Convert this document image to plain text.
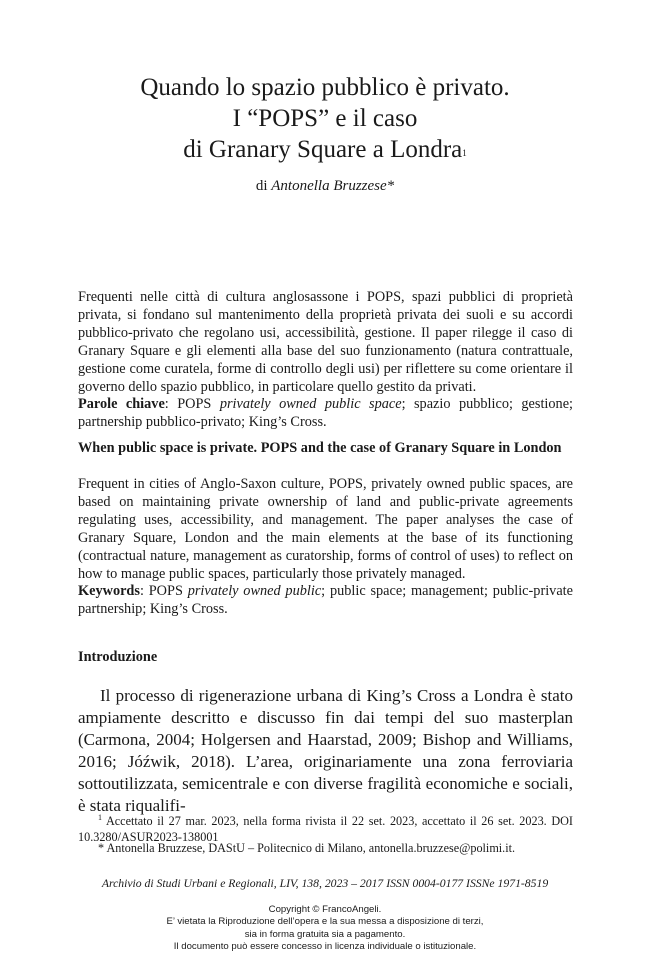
Quando lo spazio pubblico è privato.
I “POPS” e il caso
di Granary Square a Londra$^1$
di Antonella Bruzzese*
Frequenti nelle città di cultura anglosassone i POPS, spazi pubblici di proprietà privata, si fondano sul mantenimento della proprietà privata dei suoli e su accordi pubblico-privato che regolano usi, accessibilità, gestione. Il paper rilegge il caso di Granary Square e gli elementi alla base del suo funzionamento (natura contrattuale, gestione come curatela, forme di controllo degli usi) per riflettere su come orientare il governo dello spazio pubblico, in particolare quello gestito da privati.
Parole chiave: POPS privately owned public space; spazio pubblico; gestione; partnership pubblico-privato; King’s Cross.
When public space is private. POPS and the case of Granary Square in London
Frequent in cities of Anglo-Saxon culture, POPS, privately owned public spaces, are based on maintaining private ownership of land and public-private agreements regulating uses, accessibility, and management. The paper analyses the case of Granary Square, London and the main elements at the base of its functioning (contractual nature, management as curatorship, forms of control of uses) to reflect on how to manage public spaces, particularly those privately managed.
Keywords: POPS privately owned public; public space; management; public-private partnership; King’s Cross.
Introduzione
Il processo di rigenerazione urbana di King’s Cross a Londra è stato ampiamente descritto e discusso fin dai tempi del suo masterplan (Carmona, 2004; Holgersen and Haarstad, 2009; Bishop and Williams, 2016; Jóźwik, 2018). L’area, originariamente una zona ferroviaria sottoutilizzata, semicentrale e con diverse fragilità economiche e sociali, è stata riqualifi-
$^1$ Accettato il 27 mar. 2023, nella forma rivista il 22 set. 2023, accettato il 26 set. 2023. DOI 10.3280/ASUR2023-138001
* Antonella Bruzzese, DAStU – Politecnico di Milano, antonella.bruzzese@polimi.it.
Archivio di Studi Urbani e Regionali, LIV, 138, 2023 – 2017 ISSN 0004-0177 ISSNe 1971-8519
Copyright © FrancoAngeli.
E’ vietata la Riproduzione dell’opera e la sua messa a disposizione di terzi,
sia in forma gratuita sia a pagamento.
Il documento può essere concesso in licenza individuale o istituzionale.
